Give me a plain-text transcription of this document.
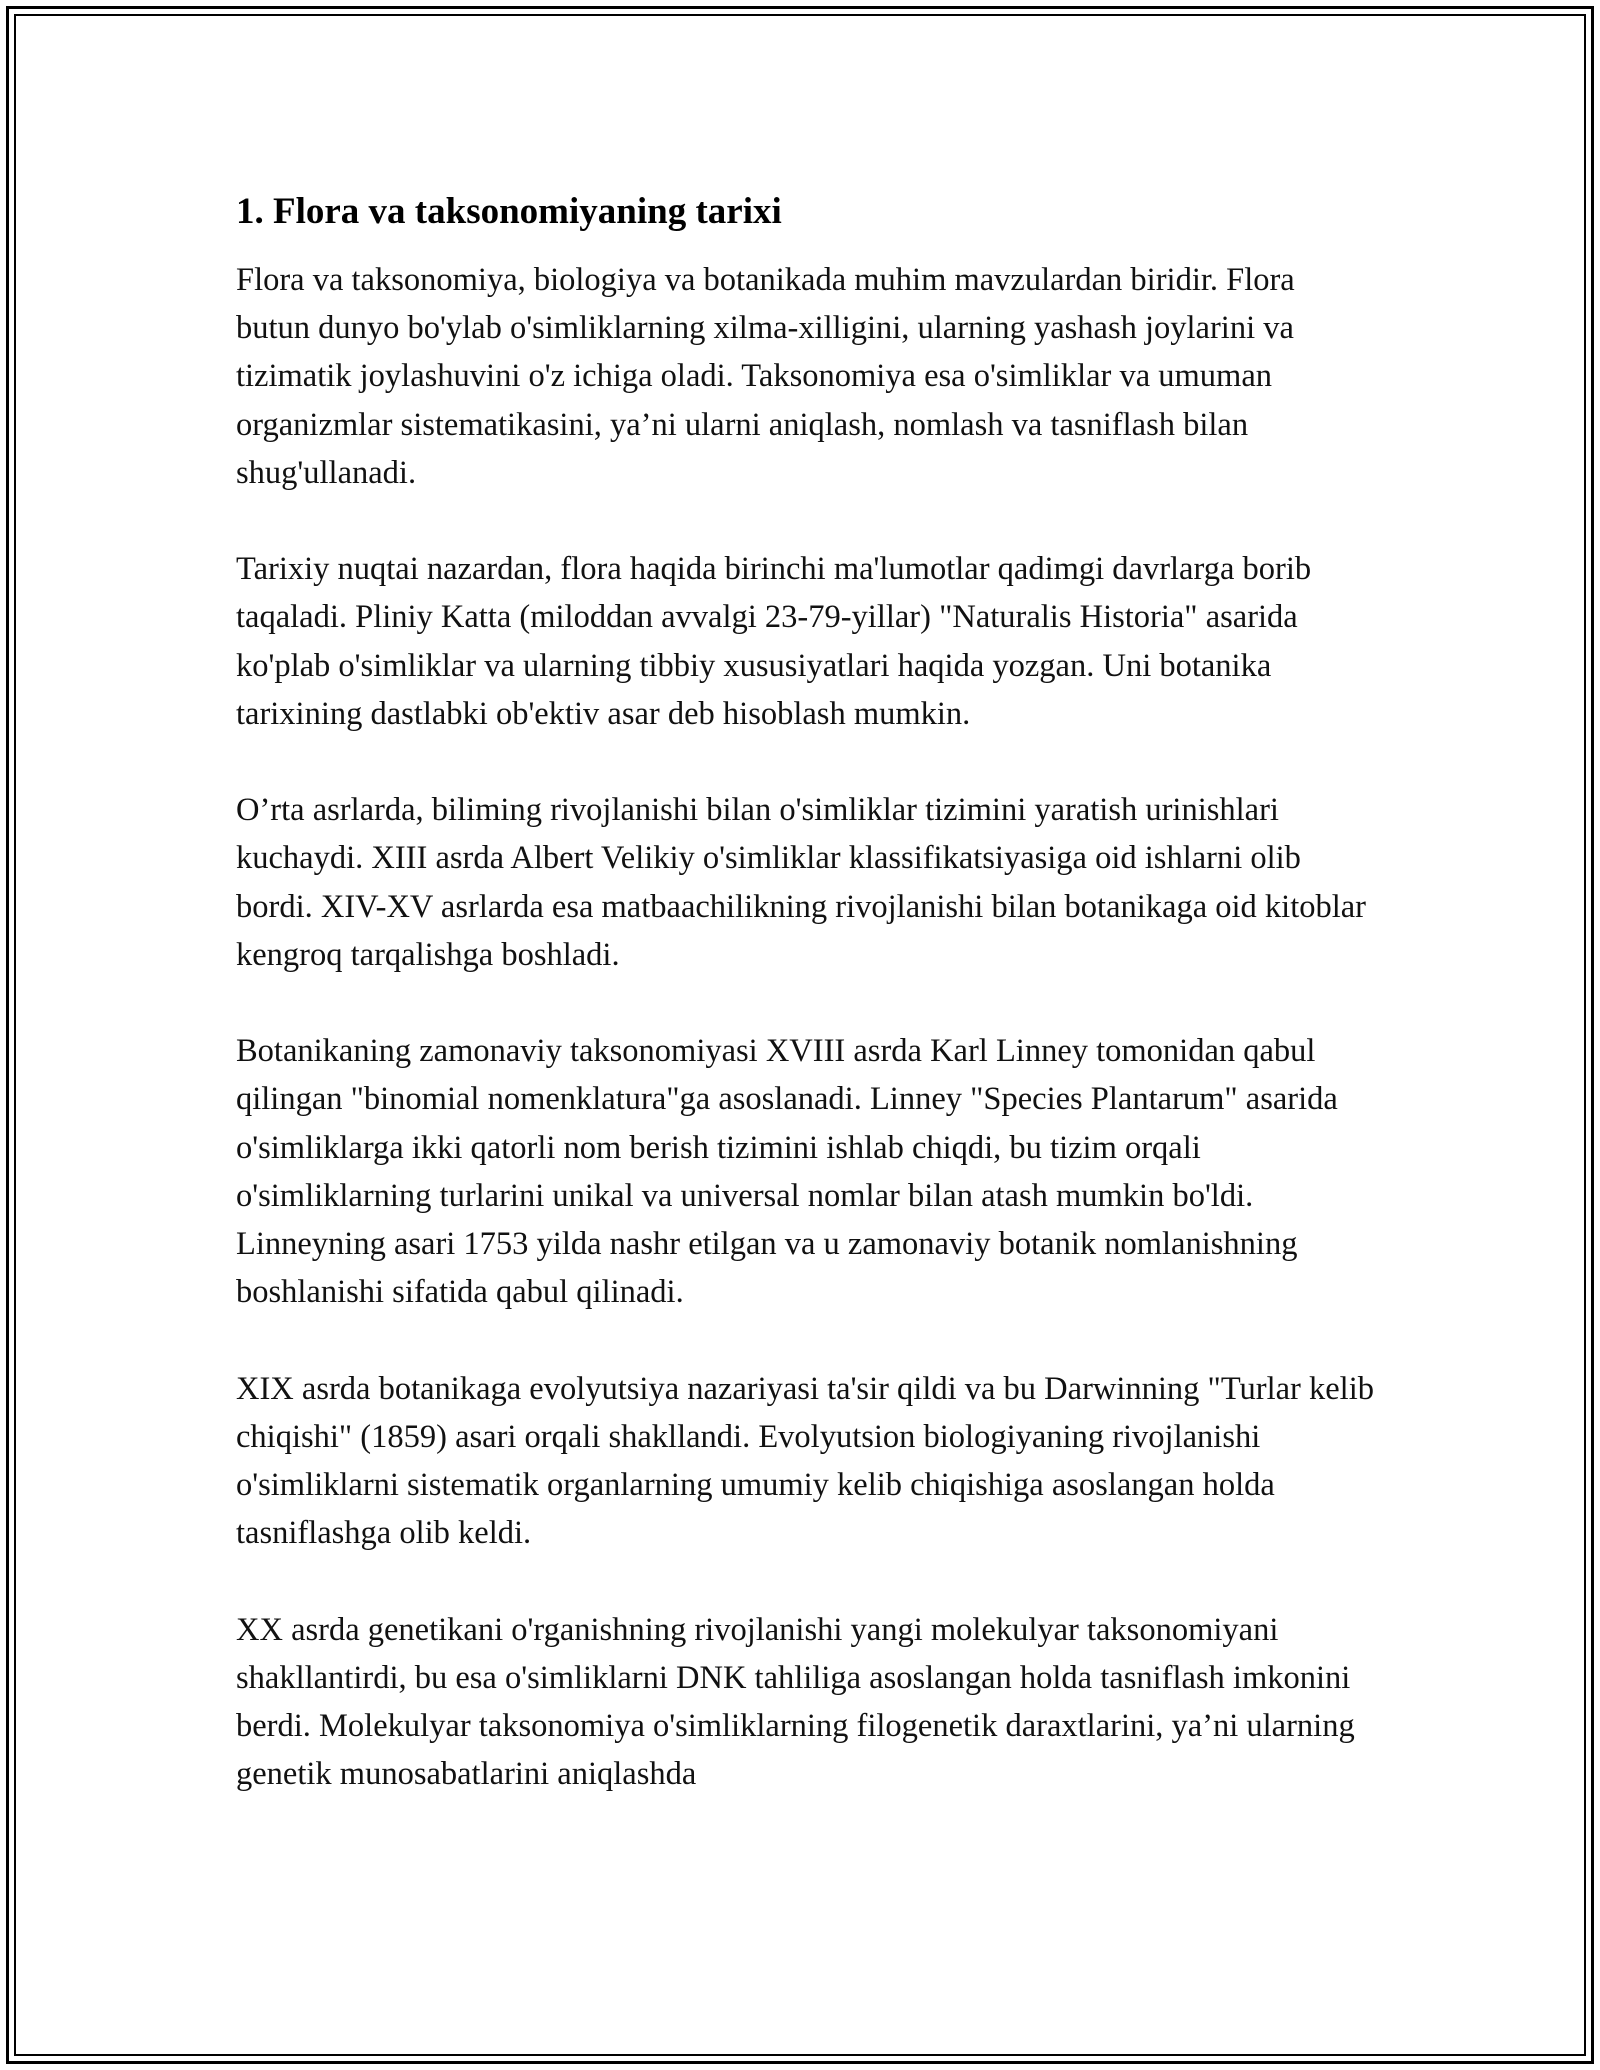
1. Flora va taksonomiyaning tarixi

Flora va taksonomiya, biologiya va botanikada muhim mavzulardan biridir. Flora butun dunyo bo'ylab o'simliklarning xilma-xilligini, ularning yashash joylarini va tizimatik joylashuvini o'z ichiga oladi. Taksonomiya esa o'simliklar va umuman organizmlar sistematikasini, ya’ni ularni aniqlash, nomlash va tasniflash bilan shug'ullanadi.

Tarixiy nuqtai nazardan, flora haqida birinchi ma'lumotlar qadimgi davrlarga borib taqaladi. Pliniy Katta (miloddan avvalgi 23-79-yillar) "Naturalis Historia" asarida ko'plab o'simliklar va ularning tibbiy xususiyatlari haqida yozgan. Uni botanika tarixining dastlabki ob'ektiv asar deb hisoblash mumkin.

O’rta asrlarda, biliming rivojlanishi bilan o'simliklar tizimini yaratish urinishlari kuchaydi. XIII asrda Albert Velikiy o'simliklar klassifikatsiyasiga oid ishlarni olib bordi. XIV-XV asrlarda esa matbaachilikning rivojlanishi bilan botanikaga oid kitoblar kengroq tarqalishga boshladi.

Botanikaning zamonaviy taksonomiyasi XVIII asrda Karl Linney tomonidan qabul qilingan "binomial nomenklatura"ga asoslanadi. Linney "Species Plantarum" asarida o'simliklarga ikki qatorli nom berish tizimini ishlab chiqdi, bu tizim orqali o'simliklarning turlarini unikal va universal nomlar bilan atash mumkin bo'ldi. Linneyning asari 1753 yilda nashr etilgan va u zamonaviy botanik nomlanishning boshlanishi sifatida qabul qilinadi.

XIX asrda botanikaga evolyutsiya nazariyasi ta'sir qildi va bu Darwinning "Turlar kelib chiqishi" (1859) asari orqali shakllandi. Evolyutsion biologiyaning rivojlanishi o'simliklarni sistematik organlarning umumiy kelib chiqishiga asoslangan holda tasniflashga olib keldi.

XX asrda genetikani o'rganishning rivojlanishi yangi molekulyar taksonomiyani shakllantirdi, bu esa o'simliklarni DNK tahliliga asoslangan holda tasniflash imkonini berdi. Molekulyar taksonomiya o'simliklarning filogenetik daraxtlarini, ya’ni ularning genetik munosabatlarini aniqlashda
